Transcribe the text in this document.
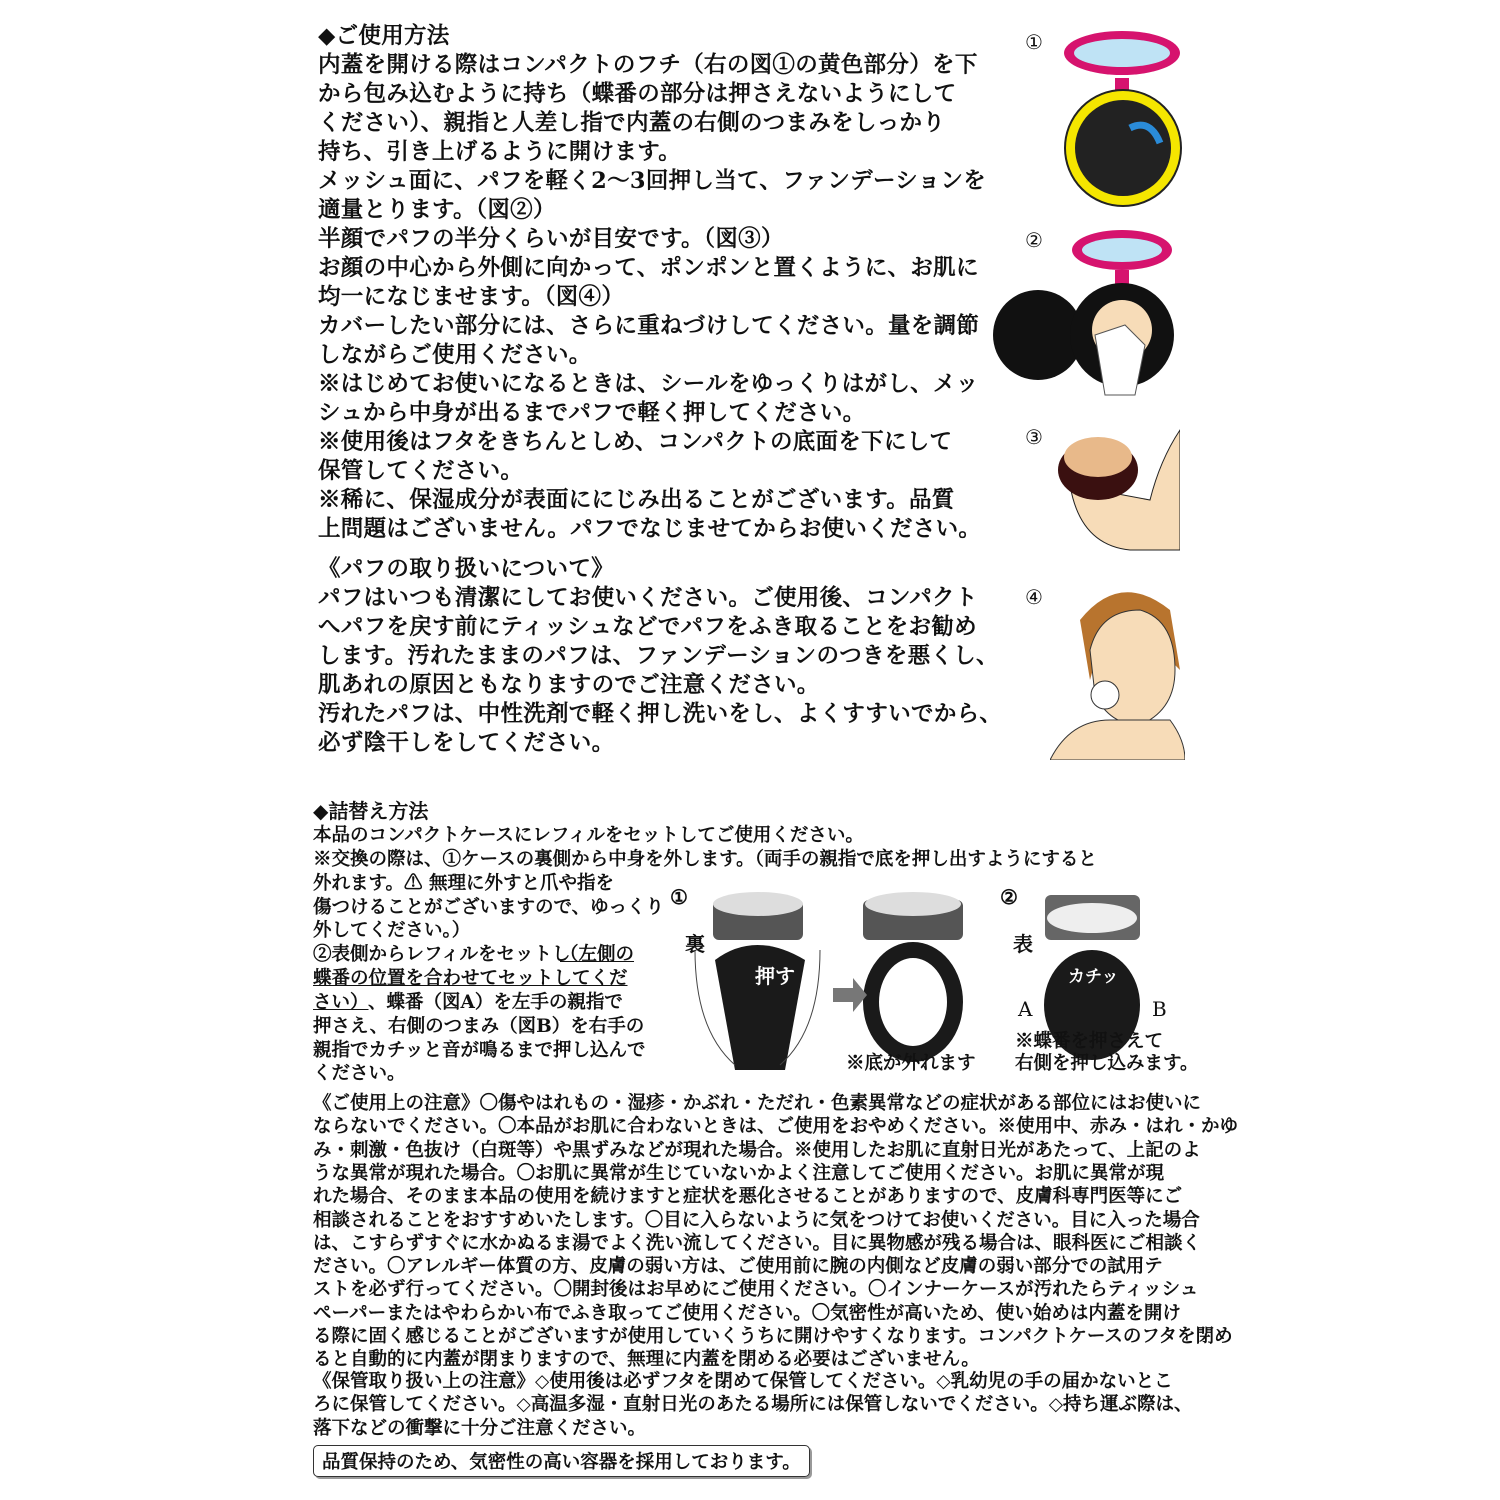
①
②
③
④
◆詰替え方法
本品のコンパクトケースにレフィルをセットしてご使用ください。
※交換の際は、①ケースの裏側から中身を外します。（両手の親指で底を押し出すようにすると
①	②
裏	表
押す	カチッ
A	B
※底が外れます
※蝶番を押さえて
右側を押し込みます。
品質保持のため、気密性の高い容器を採用しております。
◆ご使用方法
内蓋を開ける際はコンパクトのフチ（右の図①の黄色部分）を下
から包み込むように持ち（蝶番の部分は押さえないようにして
ください）、親指と人差し指で内蓋の右側のつまみをしっかり
持ち、引き上げるように開けます。
メッシュ面に、パフを軽く2〜3回押し当て、ファンデーションを
適量とります。（図②）
半顔でパフの半分くらいが目安です。（図③）
お顔の中心から外側に向かって、ポンポンと置くように、お肌に
均一になじませます。（図④）
カバーしたい部分には、さらに重ねづけしてください。量を調節
しながらご使用ください。
※はじめてお使いになるときは、シールをゆっくりはがし、メッ
シュから中身が出るまでパフで軽く押してください。
※使用後はフタをきちんとしめ、コンパクトの底面を下にして
保管してください。
※稀に、保湿成分が表面ににじみ出ることがございます。品質
上問題はございません。パフでなじませてからお使いください。
《パフの取り扱いについて》
パフはいつも清潔にしてお使いください。ご使用後、コンパクト
へパフを戻す前にティッシュなどでパフをふき取ることをお勧め
します。汚れたままのパフは、ファンデーションのつきを悪くし、
肌あれの原因ともなりますのでご注意ください。
汚れたパフは、中性洗剤で軽く押し洗いをし、よくすすいでから、
必ず陰干しをしてください。
外れます。⚠ 無理に外すと爪や指を
傷つけることがございますので、ゆっくり
外してください。）
②表側からレフィルをセットし
（左側の
蝶番の位置を合わせてセットしてくだ
さい） 、蝶番（図A）を左手の親指で
押さえ、右側のつまみ（図B）を右手の
親指でカチッと音が鳴るまで押し込んで
ください。
《ご使用上の注意》〇傷やはれもの・湿疹・かぶれ・ただれ・色素異常などの症状がある部位にはお使いに
ならないでください。〇本品がお肌に合わないときは、ご使用をおやめください。※使用中、赤み・はれ・かゆ
み・刺激・色抜け（白斑等）や黒ずみなどが現れた場合。※使用したお肌に直射日光があたって、上記のよ
うな異常が現れた場合。〇お肌に異常が生じていないかよく注意してご使用ください。お肌に異常が現
れた場合、そのまま本品の使用を続けますと症状を悪化させることがありますので、皮膚科専門医等にご
相談されることをおすすめいたします。〇目に入らないように気をつけてお使いください。目に入った場合
は、こすらずすぐに水かぬるま湯でよく洗い流してください。目に異物感が残る場合は、眼科医にご相談く
ださい。〇アレルギー体質の方、皮膚の弱い方は、ご使用前に腕の内側など皮膚の弱い部分での試用テ
ストを必ず行ってください。〇開封後はお早めにご使用ください。〇インナーケースが汚れたらティッシュ
ペーパーまたはやわらかい布でふき取ってご使用ください。〇気密性が高いため、使い始めは内蓋を開け
る際に固く感じることがございますが使用していくうちに開けやすくなります。コンパクトケースのフタを閉め
ると自動的に内蓋が閉まりますので、無理に内蓋を閉める必要はございません。
《保管取り扱い上の注意》◇使用後は必ずフタを閉めて保管してください。◇乳幼児の手の届かないとこ
ろに保管してください。◇高温多湿・直射日光のあたる場所には保管しないでください。◇持ち運ぶ際は、
落下などの衝撃に十分ご注意ください。
